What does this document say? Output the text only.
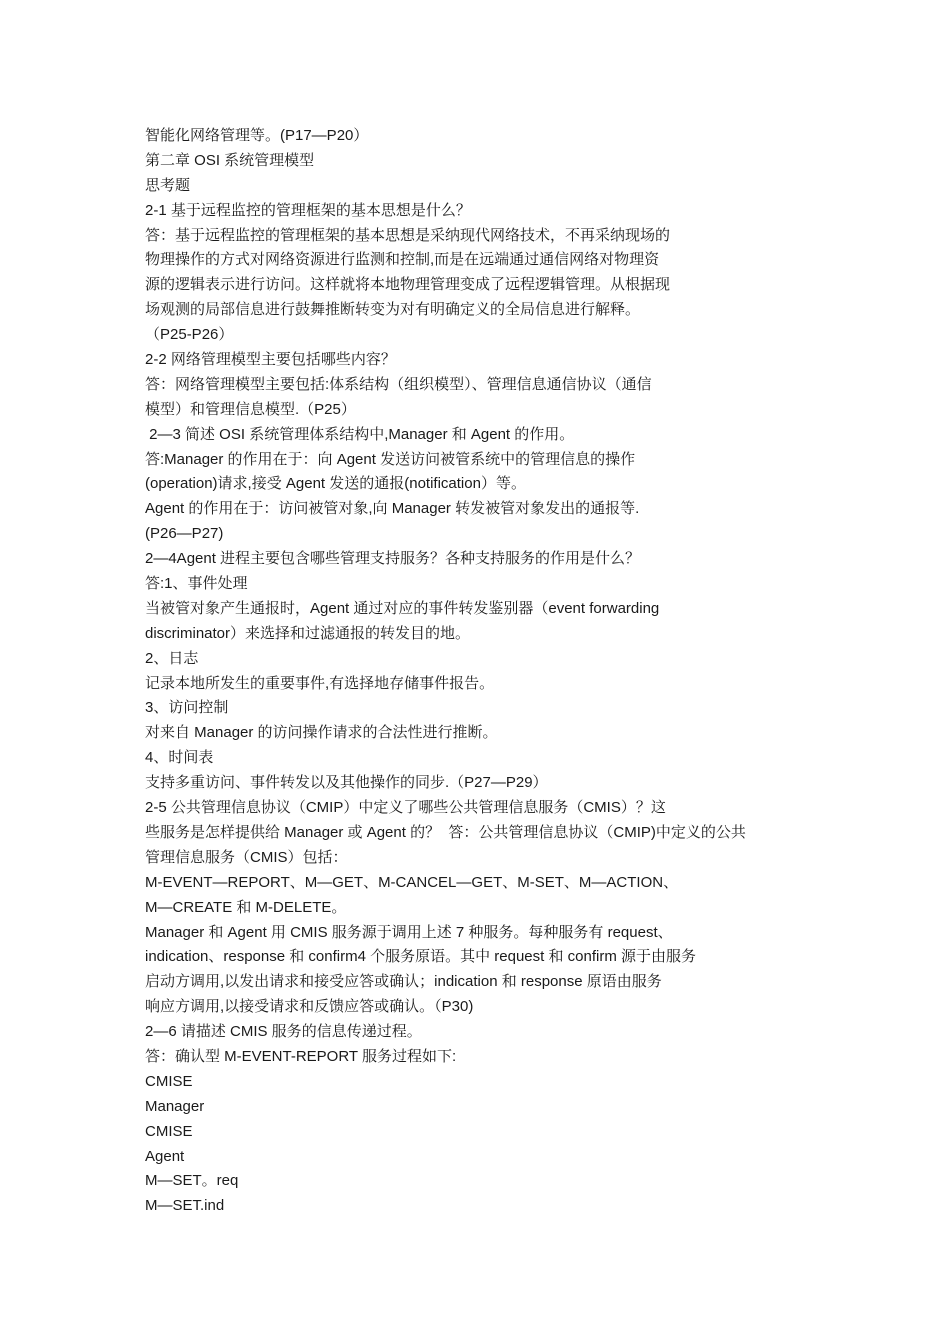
智能化网络管理等。(P17—P20）
第二章 OSI 系统管理模型
思考题
2-1 基于远程监控的管理框架的基本思想是什么？
答：基于远程监控的管理框架的基本思想是采纳现代网络技术，不再采纳现场的
物理操作的方式对网络资源进行监测和控制,而是在远端通过通信网络对物理资
源的逻辑表示进行访问。这样就将本地物理管理变成了远程逻辑管理。从根据现
场观测的局部信息进行鼓舞推断转变为对有明确定义的全局信息进行解释。
（P25-P26）
2-2 网络管理模型主要包括哪些内容？
答：网络管理模型主要包括:体系结构（组织模型）、管理信息通信协议（通信
模型）和管理信息模型.（P25）
2—3 简述 OSI 系统管理体系结构中,Manager 和 Agent 的作用。
答:Manager 的作用在于：向 Agent 发送访问被管系统中的管理信息的操作
(operation)请求,接受 Agent 发送的通报(notification）等。
Agent 的作用在于：访问被管对象,向 Manager 转发被管对象发出的通报等.
(P26—P27)
2—4Agent 进程主要包含哪些管理支持服务？各种支持服务的作用是什么？
答:1、事件处理
当被管对象产生通报时，Agent 通过对应的事件转发鉴别器（event forwarding
discriminator）来选择和过滤通报的转发目的地。
2、日志
记录本地所发生的重要事件,有选择地存储事件报告。
3、访问控制
对来自 Manager 的访问操作请求的合法性进行推断。
4、时间表
支持多重访问、事件转发以及其他操作的同步.（P27—P29）
2-5 公共管理信息协议（CMIP）中定义了哪些公共管理信息服务（CMIS）？这
些服务是怎样提供给 Manager 或 Agent 的？  答：公共管理信息协议（CMIP)中定义的公共
管理信息服务（CMIS）包括：
M-EVENT—REPORT、M—GET、M-CANCEL—GET、M-SET、M—ACTION、
M—CREATE 和 M-DELETE。
Manager 和 Agent 用 CMIS 服务源于调用上述 7 种服务。每种服务有 request、
indication、response 和 confirm4 个服务原语。其中 request 和 confirm 源于由服务
启动方调用,以发出请求和接受应答或确认；indication 和 response 原语由服务
响应方调用,以接受请求和反馈应答或确认。（P30)
2—6 请描述 CMIS 服务的信息传递过程。
答：确认型 M-EVENT-REPORT 服务过程如下:
CMISE
Manager
CMISE
Agent
M—SET。req
M—SET.ind
